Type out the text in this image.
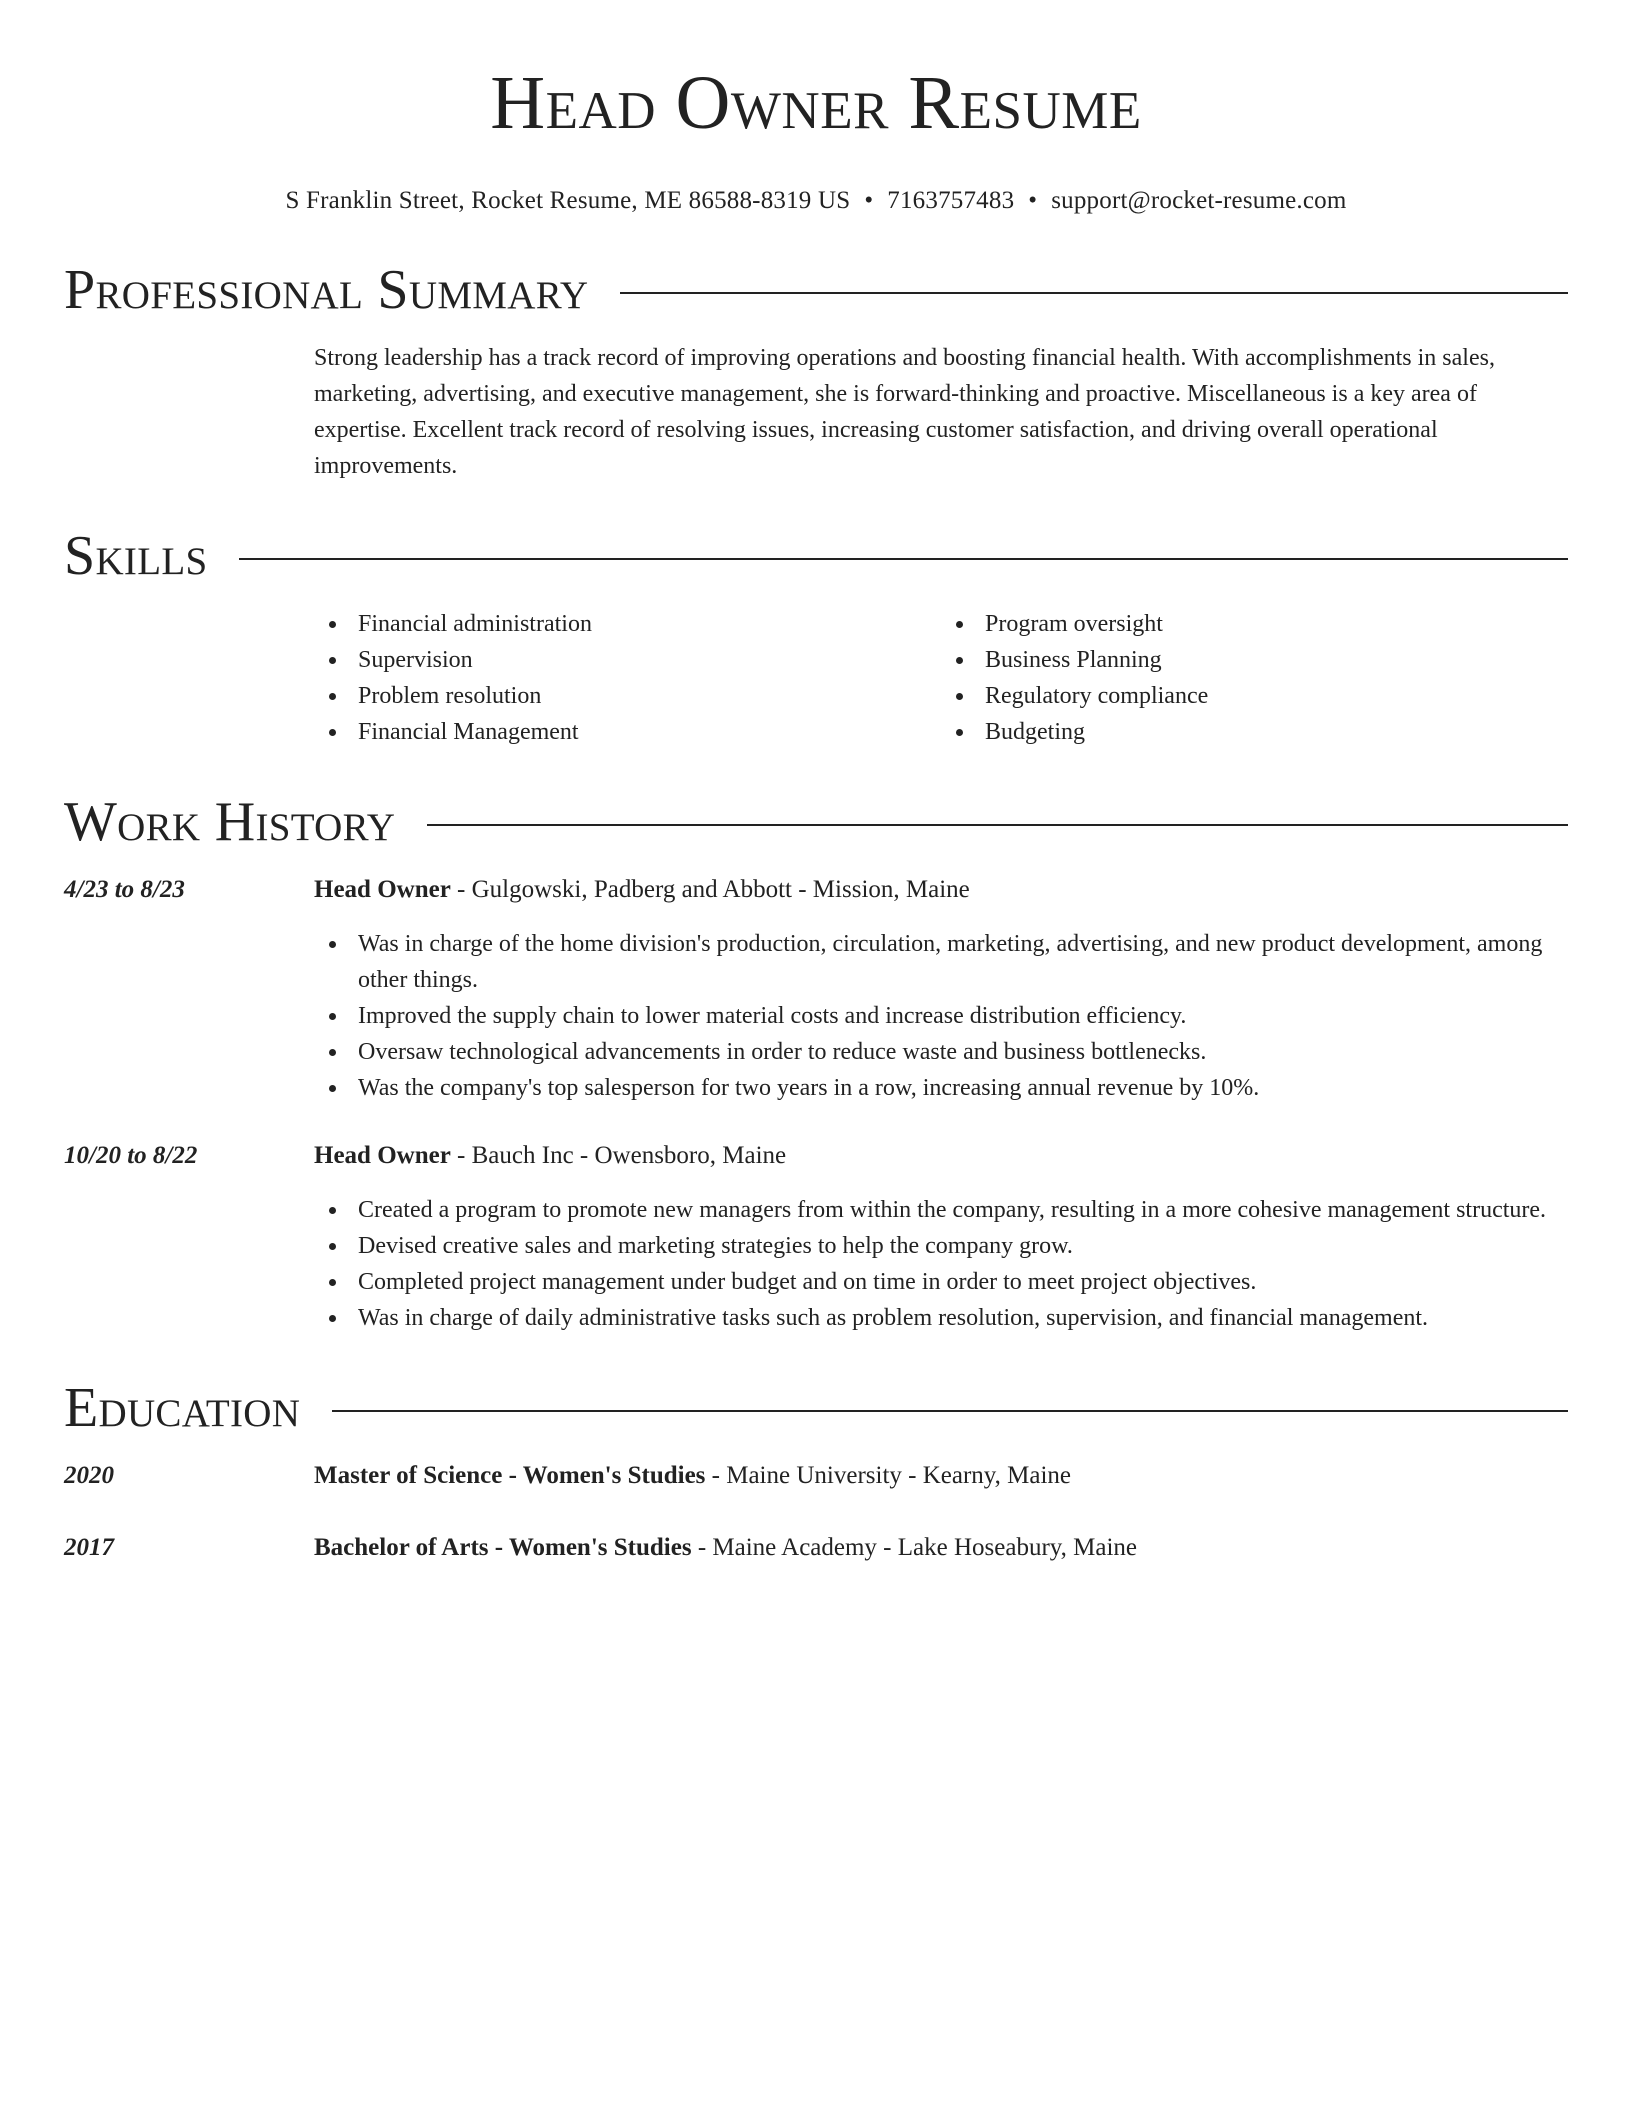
Head Owner Resume
S Franklin Street, Rocket Resume, ME 86588-8319 US • 7163757483 • support@rocket-resume.com
Professional Summary

Strong leadership has a track record of improving operations and boosting financial health. With accomplishments in sales, marketing, advertising, and executive management, she is forward-thinking and proactive. Miscellaneous is a key area of expertise. Excellent track record of resolving issues, increasing customer satisfaction, and driving overall operational improvements.

Skills
Financial administration
Supervision
Problem resolution
Financial Management
Program oversight
Business Planning
Regulatory compliance
Budgeting
Work History
4/23 to 8/23	Head Owner - Gulgowski, Padberg and Abbott - Mission, Maine
Was in charge of the home division's production, circulation, marketing, advertising, and new product development, among other things.
Improved the supply chain to lower material costs and increase distribution efficiency.
Oversaw technological advancements in order to reduce waste and business bottlenecks.
Was the company's top salesperson for two years in a row, increasing annual revenue by 10%.
10/20 to 8/22	Head Owner - Bauch Inc - Owensboro, Maine
Created a program to promote new managers from within the company, resulting in a more cohesive management structure.
Devised creative sales and marketing strategies to help the company grow.
Completed project management under budget and on time in order to meet project objectives.
Was in charge of daily administrative tasks such as problem resolution, supervision, and financial management.
Education
2020	Master of Science - Women's Studies - Maine University - Kearny, Maine
2017	Bachelor of Arts - Women's Studies - Maine Academy - Lake Hoseabury, Maine
